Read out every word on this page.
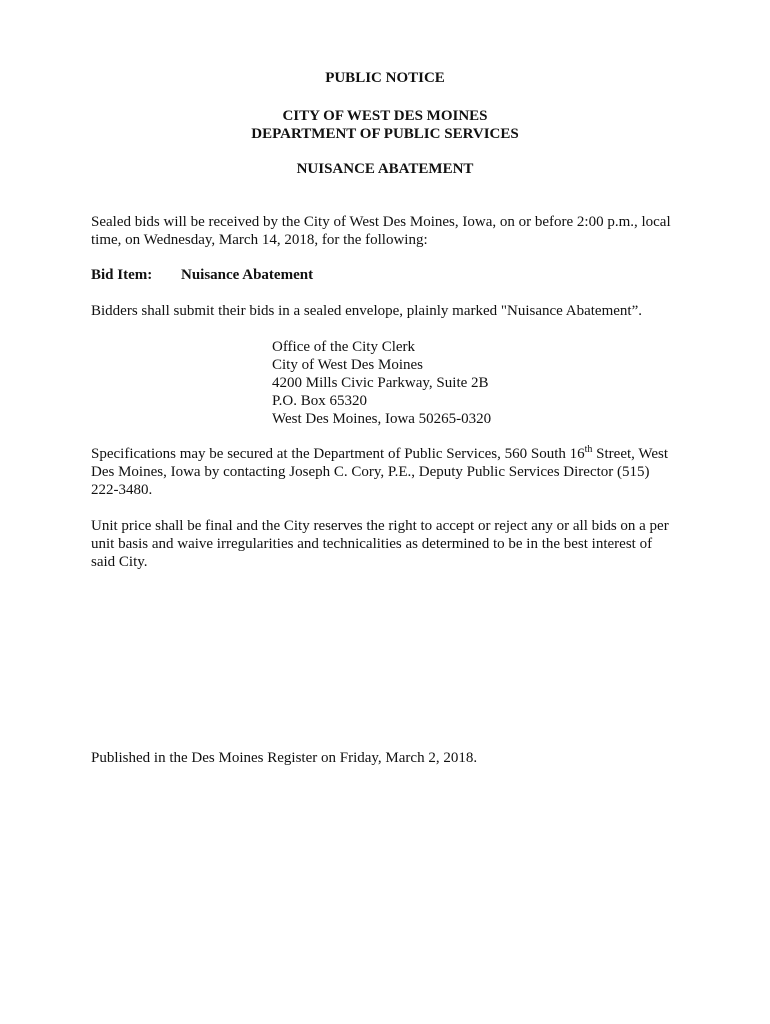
PUBLIC NOTICE
CITY OF WEST DES MOINES
DEPARTMENT OF PUBLIC SERVICES
NUISANCE ABATEMENT
Sealed bids will be received by the City of West Des Moines, Iowa, on or before 2:00 p.m., local
time, on Wednesday, March 14, 2018, for the following:
Bid Item: Nuisance Abatement
Bidders shall submit their bids in a sealed envelope, plainly marked "Nuisance Abatement”.
Office of the City Clerk
City of West Des Moines
4200 Mills Civic Parkway, Suite 2B
P.O. Box 65320
West Des Moines, Iowa 50265-0320
Specifications may be secured at the Department of Public Services, 560 South 16th Street, West
Des Moines, Iowa by contacting Joseph C. Cory, P.E., Deputy Public Services Director (515)
222-3480.
Unit price shall be final and the City reserves the right to accept or reject any or all bids on a per
unit basis and waive irregularities and technicalities as determined to be in the best interest of
said City.
Published in the Des Moines Register on Friday, March 2, 2018.
